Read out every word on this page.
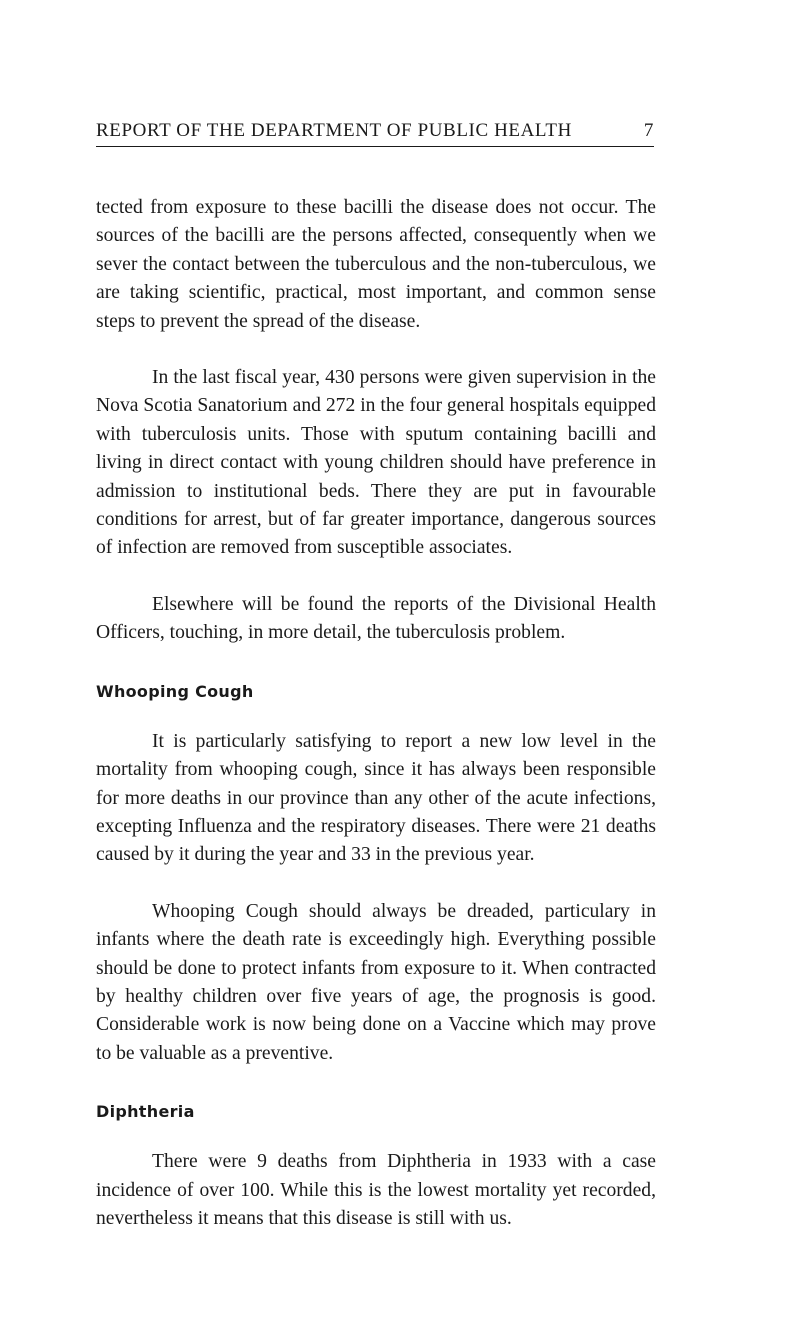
REPORT OF THE DEPARTMENT OF PUBLIC HEALTH	7

tected from exposure to these bacilli the disease does not occur. The sources of the bacilli are the persons affected, consequently when we sever the contact between the tuberculous and the non-tuberculous, we are taking scientific, practical, most important, and common sense steps to prevent the spread of the disease.

In the last fiscal year, 430 persons were given supervision in the Nova Scotia Sanatorium and 272 in the four general hospitals equipped with tuberculosis units. Those with sputum containing bacilli and living in direct contact with young children should have preference in admission to institutional beds. There they are put in favourable conditions for arrest, but of far greater importance, dangerous sources of infection are removed from susceptible associates.

Elsewhere will be found the reports of the Divisional Health Officers, touching, in more detail, the tuberculosis problem.

Whooping Cough

It is particularly satisfying to report a new low level in the mortality from whooping cough, since it has always been responsible for more deaths in our province than any other of the acute infections, excepting Influenza and the respiratory diseases. There were 21 deaths caused by it during the year and 33 in the previous year.

Whooping Cough should always be dreaded, particulary in infants where the death rate is exceedingly high. Everything possible should be done to protect infants from exposure to it. When contracted by healthy children over five years of age, the prognosis is good. Considerable work is now being done on a Vaccine which may prove to be valuable as a preventive.

Diphtheria

There were 9 deaths from Diphtheria in 1933 with a case incidence of over 100. While this is the lowest mortality yet recorded, nevertheless it means that this disease is still with us.
